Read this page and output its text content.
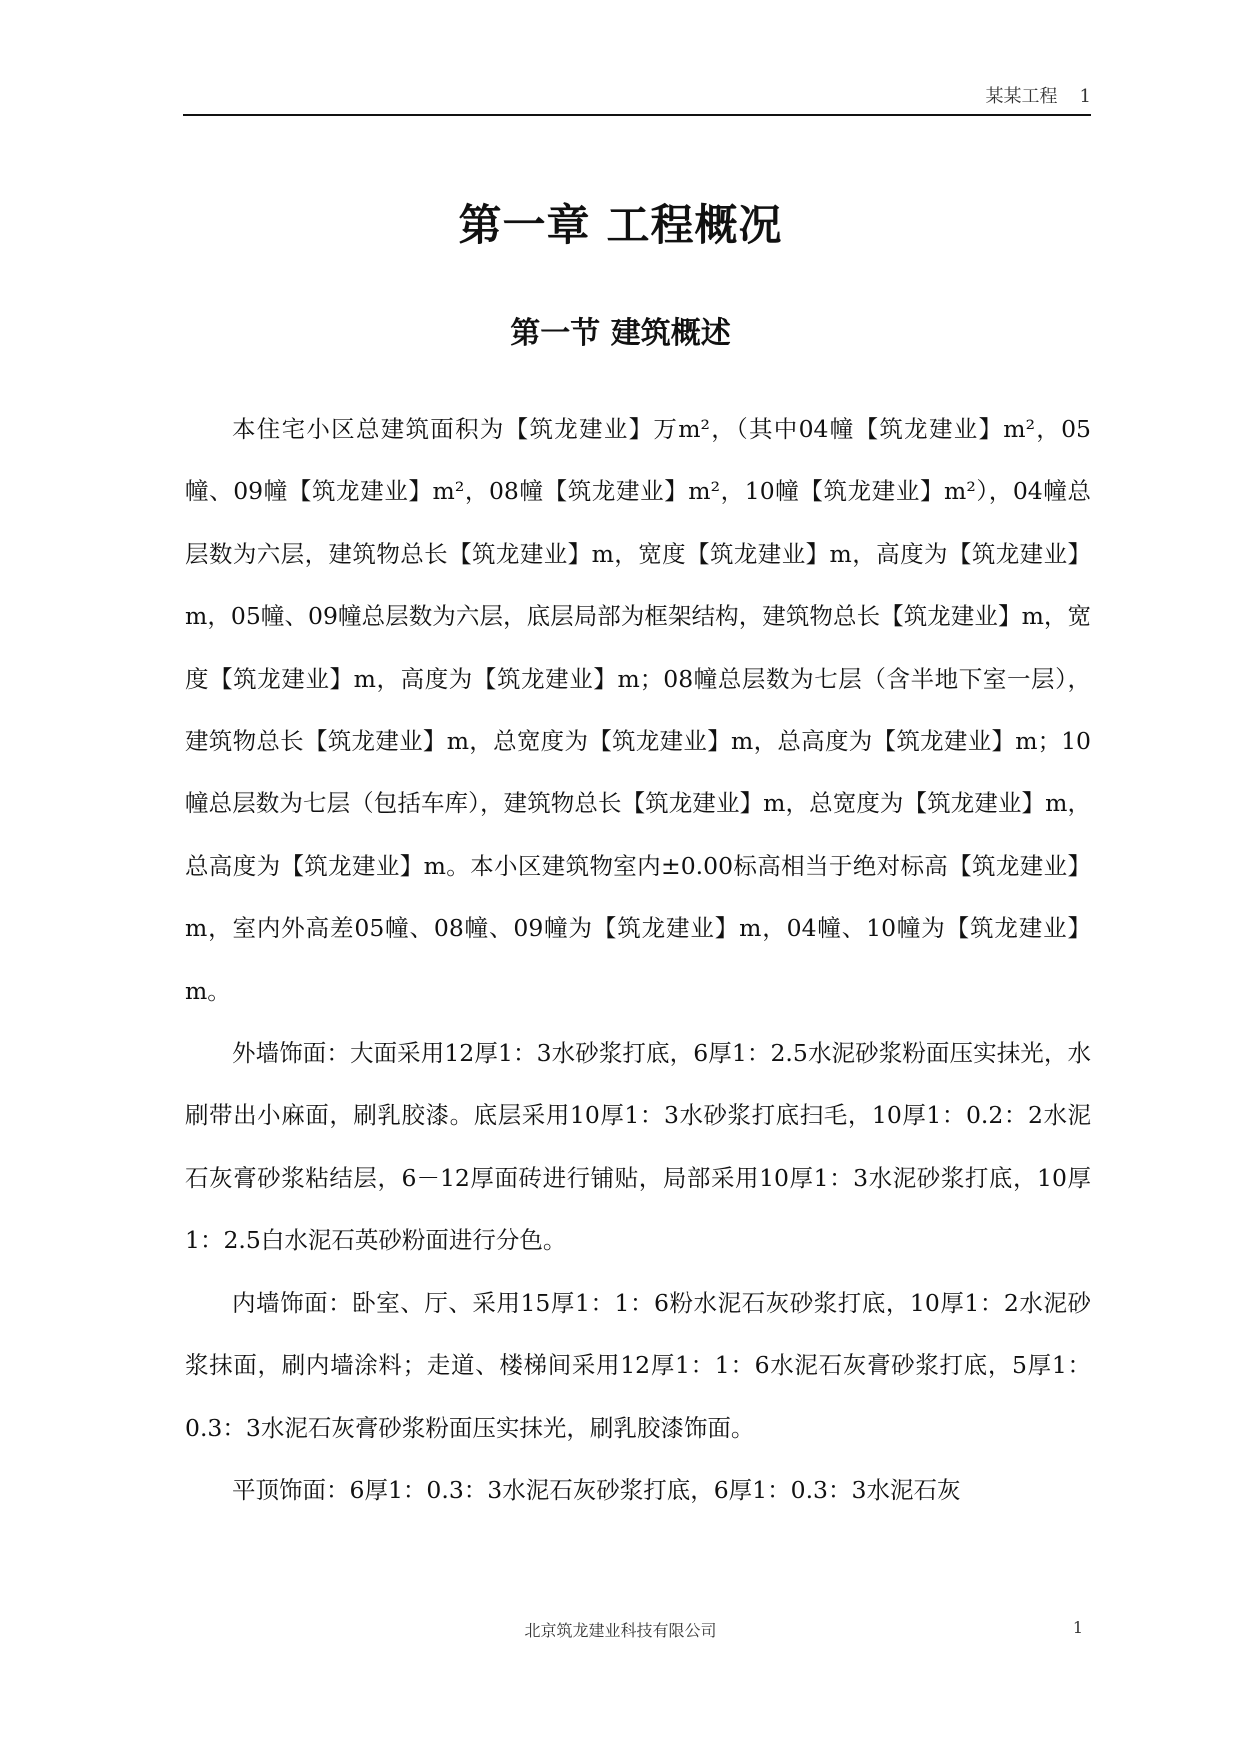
某某工程 1
第一章 工程概况
第一节 建筑概述

本住宅小区总建筑面积为【筑龙建业】万m²，（其中04幢【筑龙建业】m²，05幢、09幢【筑龙建业】m²，08幢【筑龙建业】m²，10幢【筑龙建业】m²），04幢总层数为六层，建筑物总长【筑龙建业】m，宽度【筑龙建业】m，高度为【筑龙建业】m，05幢、09幢总层数为六层，底层局部为框架结构，建筑物总长【筑龙建业】m，宽度【筑龙建业】m，高度为【筑龙建业】m；08幢总层数为七层（含半地下室一层），建筑物总长【筑龙建业】m，总宽度为【筑龙建业】m，总高度为【筑龙建业】m；10幢总层数为七层（包括车库），建筑物总长【筑龙建业】m，总宽度为【筑龙建业】m，总高度为【筑龙建业】m。本小区建筑物室内±0.00标高相当于绝对标高【筑龙建业】m，室内外高差05幢、08幢、09幢为【筑龙建业】m，04幢、10幢为【筑龙建业】m。

外墙饰面：大面采用12厚1：3水砂浆打底，6厚1：2.5水泥砂浆粉面压实抹光，水刷带出小麻面，刷乳胶漆。底层采用10厚1：3水砂浆打底扫毛，10厚1：0.2：2水泥石灰膏砂浆粘结层，6－12厚面砖进行铺贴，局部采用10厚1：3水泥砂浆打底，10厚1：2.5白水泥石英砂粉面进行分色。

内墙饰面：卧室、厅、采用15厚1：1：6粉水泥石灰砂浆打底，10厚1：2水泥砂浆抹面，刷内墙涂料；走道、楼梯间采用12厚1：1：6水泥石灰膏砂浆打底，5厚1：0.3：3水泥石灰膏砂浆粉面压实抹光，刷乳胶漆饰面。

平顶饰面：6厚1：0.3：3水泥石灰砂浆打底，6厚1：0.3：3水泥石灰

北京筑龙建业科技有限公司	1
